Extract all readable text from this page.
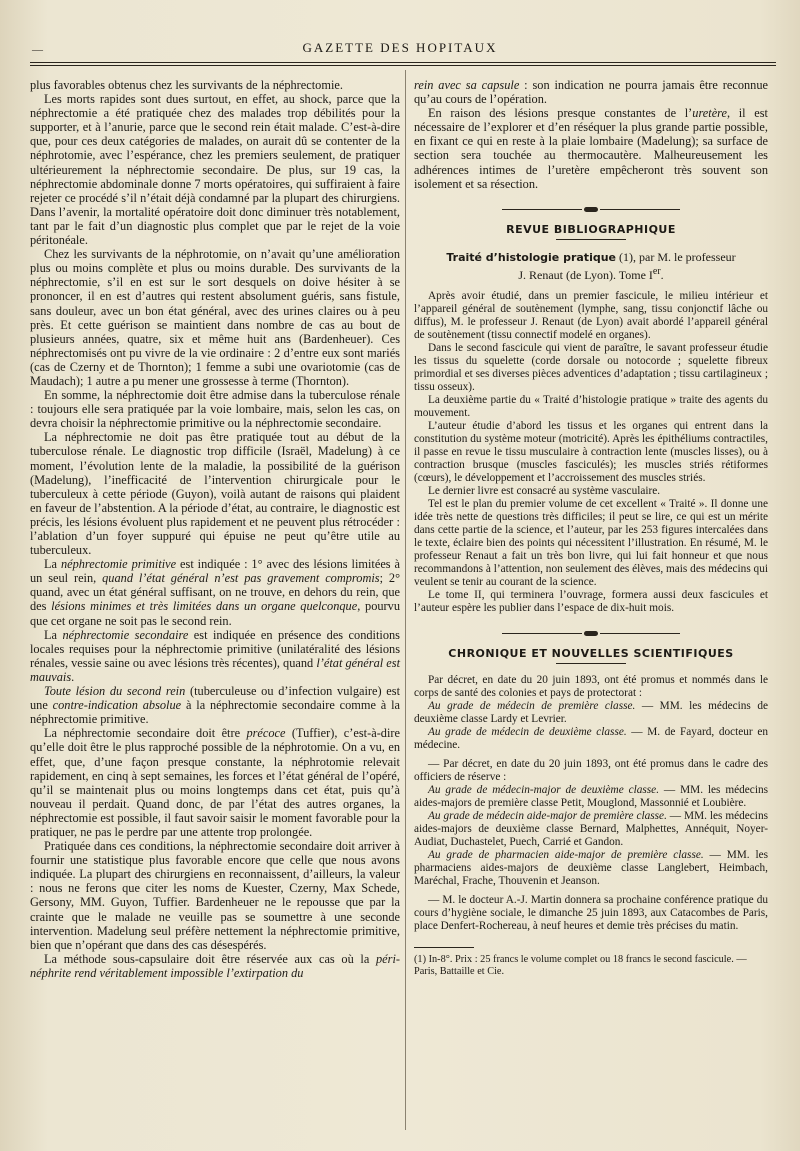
—	GAZETTE DES HOPITAUX

plus favorables obtenus chez les survivants de la néphrectomie.

Les morts rapides sont dues surtout, en effet, au shock, parce que la néphrectomie a été pratiquée chez des malades trop débilités pour la supporter, et à l’anurie, parce que le second rein était malade. C’est-à-dire que, pour ces deux catégories de malades, on aurait dû se contenter de la néphrotomie, avec l’espérance, chez les premiers seulement, de pratiquer ultérieurement la néphrectomie secondaire. De plus, sur 19 cas, la néphrectomie abdominale donne 7 morts opératoires, qui suffiraient à faire rejeter ce procédé s’il n’était déjà condamné par la plupart des chirurgiens. Dans l’avenir, la mortalité opératoire doit donc diminuer très notablement, tant par le fait d’un diagnostic plus complet que par le rejet de la voie péritonéale.

Chez les survivants de la néphrotomie, on n’avait qu’une amélioration plus ou moins complète et plus ou moins durable. Des survivants de la néphrectomie, s’il en est sur le sort desquels on doive hésiter à se prononcer, il en est d’autres qui restent absolument guéris, sans fistule, sans douleur, avec un bon état général, avec des urines claires ou à peu près. Et cette guérison se maintient dans nombre de cas au bout de plusieurs années, quatre, six et même huit ans (Bardenheuer). Ces néphrectomisés ont pu vivre de la vie ordinaire : 2 d’entre eux sont mariés (cas de Czerny et de Thornton); 1 femme a subi une ovariotomie (cas de Maudach); 1 autre a pu mener une grossesse à terme (Thornton).

En somme, la néphrectomie doit être admise dans la tuberculose rénale : toujours elle sera pratiquée par la voie lombaire, mais, selon les cas, on devra choisir la néphrectomie primitive ou la néphrectomie secondaire.

La néphrectomie ne doit pas être pratiquée tout au début de la tuberculose rénale. Le diagnostic trop difficile (Israël, Madelung) à ce moment, l’évolution lente de la maladie, la possibilité de la guérison (Madelung), l’inefficacité de l’intervention chirurgicale pour le tuberculeux à cette période (Guyon), voilà autant de raisons qui plaident en faveur de l’abstention. A la période d’état, au contraire, le diagnostic est précis, les lésions évoluent plus rapidement et ne peuvent plus rétrocéder : l’ablation d’un foyer suppuré qui épuise ne peut qu’être utile au tuberculeux.

La néphrectomie primitive est indiquée : 1° avec des lésions limitées à un seul rein, quand l’état général n’est pas gravement compromis; 2° quand, avec un état général suffisant, on ne trouve, en dehors du rein, que des lésions minimes et très limitées dans un organe quelconque, pourvu que cet organe ne soit pas le second rein.

La néphrectomie secondaire est indiquée en présence des conditions locales requises pour la néphrectomie primitive (unilatéralité des lésions rénales, vessie saine ou avec lésions très récentes), quand l’état général est mauvais.

Toute lésion du second rein (tuberculeuse ou d’infection vulgaire) est une contre-indication absolue à la néphrectomie secondaire comme à la néphrectomie primitive.

La néphrectomie secondaire doit être précoce (Tuffier), c’est-à-dire qu’elle doit être le plus rapproché possible de la néphrotomie. On a vu, en effet, que, d’une façon presque constante, la néphrotomie relevait rapidement, en cinq à sept semaines, les forces et l’état général de l’opéré, qu’il se maintenait plus ou moins longtemps dans cet état, puis qu’à nouveau il perdait. Quand donc, de par l’état des autres organes, la néphrectomie est possible, il faut savoir saisir le moment favorable pour la pratiquer, ne pas le perdre par une attente trop prolongée.

Pratiquée dans ces conditions, la néphrectomie secondaire doit arriver à fournir une statistique plus favorable encore que celle que nous avons indiquée. La plupart des chirurgiens en reconnaissent, d’ailleurs, la valeur : nous ne ferons que citer les noms de Kuester, Czerny, Max Schede, Gersony, MM. Guyon, Tuffier. Bardenheuer ne le repousse que par la crainte que le malade ne veuille pas se soumettre à une seconde intervention. Madelung seul préfère nettement la néphrectomie primitive, bien que n’opérant que dans des cas désespérés.

La méthode sous-capsulaire doit être réservée aux cas où la péri-néphrite rend véritablement impossible l’extirpation du

rein avec sa capsule : son indication ne pourra jamais être reconnue qu’au cours de l’opération.

En raison des lésions presque constantes de l’uretère, il est nécessaire de l’explorer et d’en réséquer la plus grande partie possible, en fixant ce qui en reste à la plaie lombaire (Madelung); sa surface de section sera touchée au thermocautère. Malheureusement les adhérences intimes de l’uretère empêcheront très souvent son isolement et sa résection.

REVUE BIBLIOGRAPHIQUE
Traité d’histologie pratique (1), par M. le professeur
J. Renaut (de Lyon). Tome Ier.

Après avoir étudié, dans un premier fascicule, le milieu intérieur et l’appareil général de soutènement (lymphe, sang, tissu conjonctif lâche ou diffus), M. le professeur J. Renaut (de Lyon) avait abordé l’appareil général de soutènement (tissu connectif modelé en organes).

Dans le second fascicule qui vient de paraître, le savant professeur étudie les tissus du squelette (corde dorsale ou notocorde ; squelette fibreux primordial et ses diverses pièces adventices d’adaptation ; tissu cartilagineux ; tissu osseux).

La deuxième partie du « Traité d’histologie pratique » traite des agents du mouvement.

L’auteur étudie d’abord les tissus et les organes qui entrent dans la constitution du système moteur (motricité). Après les épithéliums contractiles, il passe en revue le tissu musculaire à contraction lente (muscles lisses), ou à contraction brusque (muscles fasciculés); les muscles striés rétiformes (cœurs), le développement et l’accroissement des muscles striés.

Le dernier livre est consacré au système vasculaire.

Tel est le plan du premier volume de cet excellent « Traité ». Il donne une idée très nette de questions très difficiles; il peut se lire, ce qui est un mérite dans cette partie de la science, et l’auteur, par les 253 figures intercalées dans le texte, éclaire bien des points qui nécessitent l’illustration. En résumé, M. le professeur Renaut a fait un très bon livre, qui lui fait honneur et que nous recommandons à l’attention, non seulement des élèves, mais des médecins qui veulent se tenir au courant de la science.

Le tome II, qui terminera l’ouvrage, formera aussi deux fascicules et l’auteur espère les publier dans l’espace de dix-huit mois.

CHRONIQUE ET NOUVELLES SCIENTIFIQUES

Par décret, en date du 20 juin 1893, ont été promus et nommés dans le corps de santé des colonies et pays de protectorat :

Au grade de médecin de première classe. — MM. les médecins de deuxième classe Lardy et Levrier.

Au grade de médecin de deuxième classe. — M. de Fayard, docteur en médecine.

— Par décret, en date du 20 juin 1893, ont été promus dans le cadre des officiers de réserve :

Au grade de médecin-major de deuxième classe. — MM. les médecins aides-majors de première classe Petit, Mouglond, Massonnié et Loubière.

Au grade de médecin aide-major de première classe. — MM. les médecins aides-majors de deuxième classe Bernard, Malphettes, Annéquit, Noyer-Audiat, Duchastelet, Puech, Carrié et Gandon.

Au grade de pharmacien aide-major de première classe. — MM. les pharmaciens aides-majors de deuxième classe Langlebert, Heimbach, Maréchal, Frache, Thouvenin et Jeanson.

— M. le docteur A.-J. Martin donnera sa prochaine conférence pratique du cours d’hygiène sociale, le dimanche 25 juin 1893, aux Catacombes de Paris, place Denfert-Rochereau, à neuf heures et demie très précises du matin.

(1) In-8°. Prix : 25 francs le volume complet ou 18 francs le second fascicule. — Paris, Battaille et Cie.
